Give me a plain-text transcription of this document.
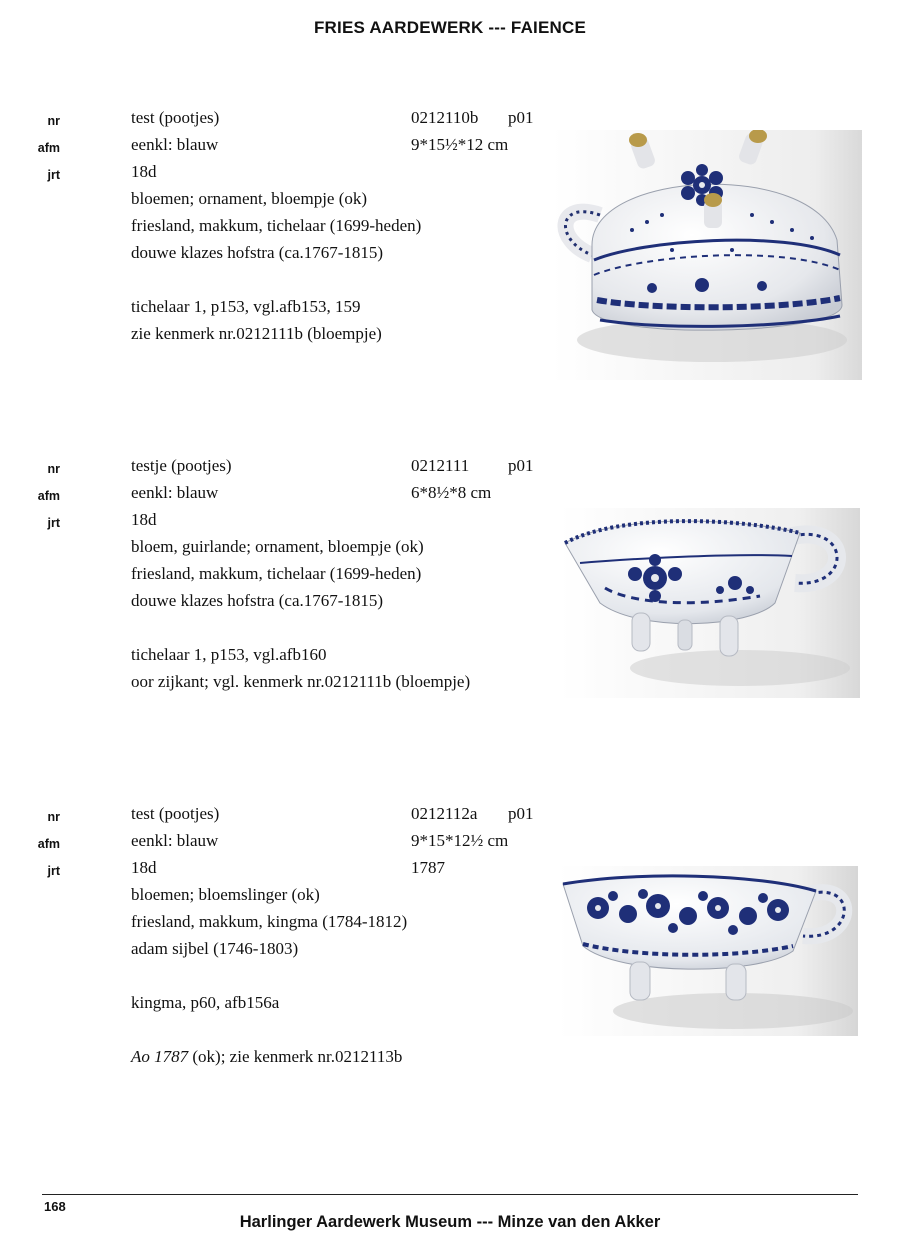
FRIES AARDEWERK --- FAIENCE
test (pootjes)
nr	0212110b p01
eenkl: blauw
afm	9*15½*12 cm
18d
jrt
bloemen; ornament, bloempje (ok)
friesland, makkum, tichelaar (1699-heden)
douwe klazes hofstra (ca.1767-1815)
tichelaar 1, p153, vgl.afb153, 159
zie kenmerk nr.0212111b (bloempje)
testje (pootjes)
nr	0212111 p01
eenkl: blauw
afm	6*8½*8 cm
18d
jrt
bloem, guirlande; ornament, bloempje (ok)
friesland, makkum, tichelaar (1699-heden)
douwe klazes hofstra (ca.1767-1815)
tichelaar 1, p153, vgl.afb160
oor zijkant; vgl. kenmerk nr.0212111b (bloempje)
test (pootjes)
nr	0212112a p01
eenkl: blauw
afm	9*15*12½ cm
18d
jrt	1787
bloemen; bloemslinger (ok)
friesland, makkum, kingma (1784-1812)
adam sijbel (1746-1803)
kingma, p60, afb156a
Ao 1787 (ok); zie kenmerk nr.0212113b
168
Harlinger Aardewerk Museum --- Minze van den Akker
